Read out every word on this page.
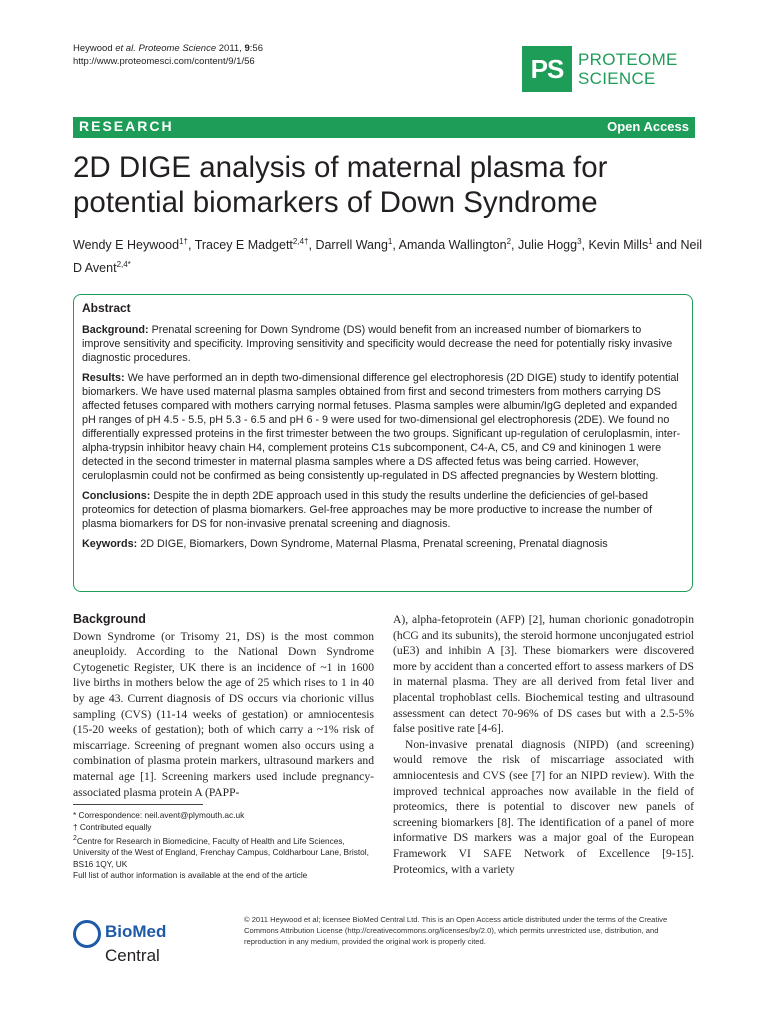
Heywood et al. Proteome Science 2011, 9:56
http://www.proteomesci.com/content/9/1/56	PS PROTEOME
SCIENCE
RESEARCH	Open Access
2D DIGE analysis of maternal plasma for potential biomarkers of Down Syndrome
Wendy E Heywood$^{1\dagger}$, Tracey E Madgett$^{2,4\dagger}$, Darrell Wang$^1$, Amanda Wallington$^2$, Julie Hogg$^3$, Kevin Mills$^1$ and Neil D Avent$^{2,4*}$
Abstract

Background: Prenatal screening for Down Syndrome (DS) would benefit from an increased number of biomarkers to improve sensitivity and specificity. Improving sensitivity and specificity would decrease the need for potentially risky invasive diagnostic procedures.

Results: We have performed an in depth two-dimensional difference gel electrophoresis (2D DIGE) study to identify potential biomarkers. We have used maternal plasma samples obtained from first and second trimesters from mothers carrying DS affected fetuses compared with mothers carrying normal fetuses. Plasma samples were albumin/IgG depleted and expanded pH ranges of pH 4.5 - 5.5, pH 5.3 - 6.5 and pH 6 - 9 were used for two-dimensional gel electrophoresis (2DE). We found no differentially expressed proteins in the first trimester between the two groups. Significant up-regulation of ceruloplasmin, inter-alpha-trypsin inhibitor heavy chain H4, complement proteins C1s subcomponent, C4-A, C5, and C9 and kininogen 1 were detected in the second trimester in maternal plasma samples where a DS affected fetus was being carried. However, ceruloplasmin could not be confirmed as being consistently up-regulated in DS affected pregnancies by Western blotting.

Conclusions: Despite the in depth 2DE approach used in this study the results underline the deficiencies of gel-based proteomics for detection of plasma biomarkers. Gel-free approaches may be more productive to increase the number of plasma biomarkers for DS for non-invasive prenatal screening and diagnosis.

Keywords: 2D DIGE, Biomarkers, Down Syndrome, Maternal Plasma, Prenatal screening, Prenatal diagnosis

Background

Down Syndrome (or Trisomy 21, DS) is the most common aneuploidy. According to the National Down Syndrome Cytogenetic Register, UK there is an incidence of ~1 in 1600 live births in mothers below the age of 25 which rises to 1 in 40 by age 43. Current diagnosis of DS occurs via chorionic villus sampling (CVS) (11-14 weeks of gestation) or amniocentesis (15-20 weeks of gestation); both of which carry a ~1% risk of miscarriage. Screening of pregnant women also occurs using a combination of plasma protein markers, ultrasound markers and maternal age [1]. Screening markers used include pregnancy-associated plasma protein A (PAPP-

A), alpha-fetoprotein (AFP) [2], human chorionic gonadotropin (hCG and its subunits), the steroid hormone unconjugated estriol (uE3) and inhibin A [3]. These biomarkers were discovered more by accident than a concerted effort to assess markers of DS in maternal plasma. They are all derived from fetal liver and placental trophoblast cells. Biochemical testing and ultrasound assessment can detect 70-96% of DS cases but with a 2.5-5% false positive rate [4-6].

Non-invasive prenatal diagnosis (NIPD) (and screening) would remove the risk of miscarriage associated with amniocentesis and CVS (see [7] for an NIPD review). With the improved technical approaches now available in the field of proteomics, there is potential to discover new panels of screening biomarkers [8]. The identification of a panel of more informative DS markers was a major goal of the European Framework VI SAFE Network of Excellence [9-15]. Proteomics, with a variety

* Correspondence: neil.avent@plymouth.ac.uk

† Contributed equally

$^2$Centre for Research in Biomedicine, Faculty of Health and Life Sciences, University of the West of England, Frenchay Campus, Coldharbour Lane, Bristol, BS16 1QY, UK

Full list of author information is available at the end of the article

BioMed Central
© 2011 Heywood et al; licensee BioMed Central Ltd. This is an Open Access article distributed under the terms of the Creative Commons Attribution License (http://creativecommons.org/licenses/by/2.0), which permits unrestricted use, distribution, and reproduction in any medium, provided the original work is properly cited.
